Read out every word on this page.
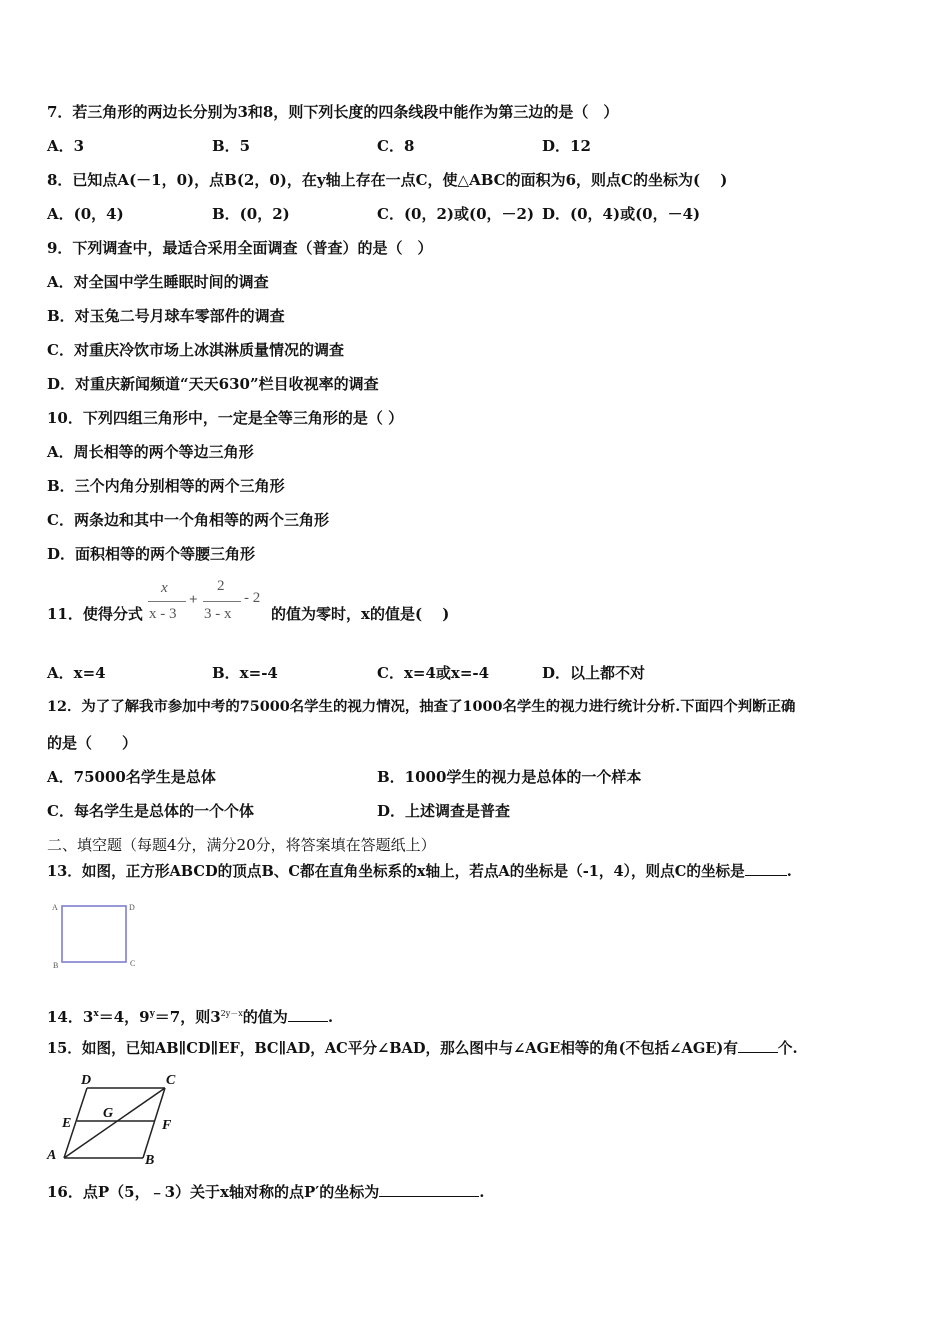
7．若三角形的两边长分别为3和8，则下列长度的四条线段中能作为第三边的是（　）
A．3	B．5	C．8	D．12
8．已知点A(－1，0)，点B(2，0)，在y轴上存在一点C，使△ABC的面积为6，则点C的坐标为(　 )
A．(0，4)	B．(0，2)	C．(0，2)或(0，－2) D．(0，4)或(0，－4)
9．下列调查中，最适合采用全面调查（普查）的是（　）
A．对全国中学生睡眠时间的调查
B．对玉兔二号月球车零部件的调查
C．对重庆冷饮市场上冰淇淋质量情况的调查
D．对重庆新闻频道“天天630”栏目收视率的调查
10．下列四组三角形中，一定是全等三角形的是（ ）
A．周长相等的两个等边三角形
B．三个内角分别相等的两个三角形
C．两条边和其中一个角相等的两个三角形
D．面积相等的两个等腰三角形
11．使得分式
x
x - 3
+
2
3 - x
- 2
的值为零时，x的值是(　 )
A．x=4	B．x=-4	C．x=4或x=-4	D．以上都不对
12．为了了解我市参加中考的75000名学生的视力情况，抽查了1000名学生的视力进行统计分析.下面四个判断正确
的是（　　）
A．75000名学生是总体	B．1000学生的视力是总体的一个样本
C．每名学生是总体的一个个体	D．上述调查是普查
二、填空题（每题4分，满分20分，将答案填在答题纸上）
13．如图，正方形ABCD的顶点B、C都在直角坐标系的x轴上，若点A的坐标是（-1，4），则点C的坐标是	.
A	D
B	C
14．$3^x=4$，$9^y=7$，则$3^{2y-x}$的值为	.
15．如图，已知AB∥CD∥EF，BC∥AD，AC平分∠BAD，那么图中与∠AGE相等的角(不包括∠AGE)有	个.
D	C
E
G
F
A	B
16．点P（5，﹣3）关于x轴对称的点P′的坐标为	.
